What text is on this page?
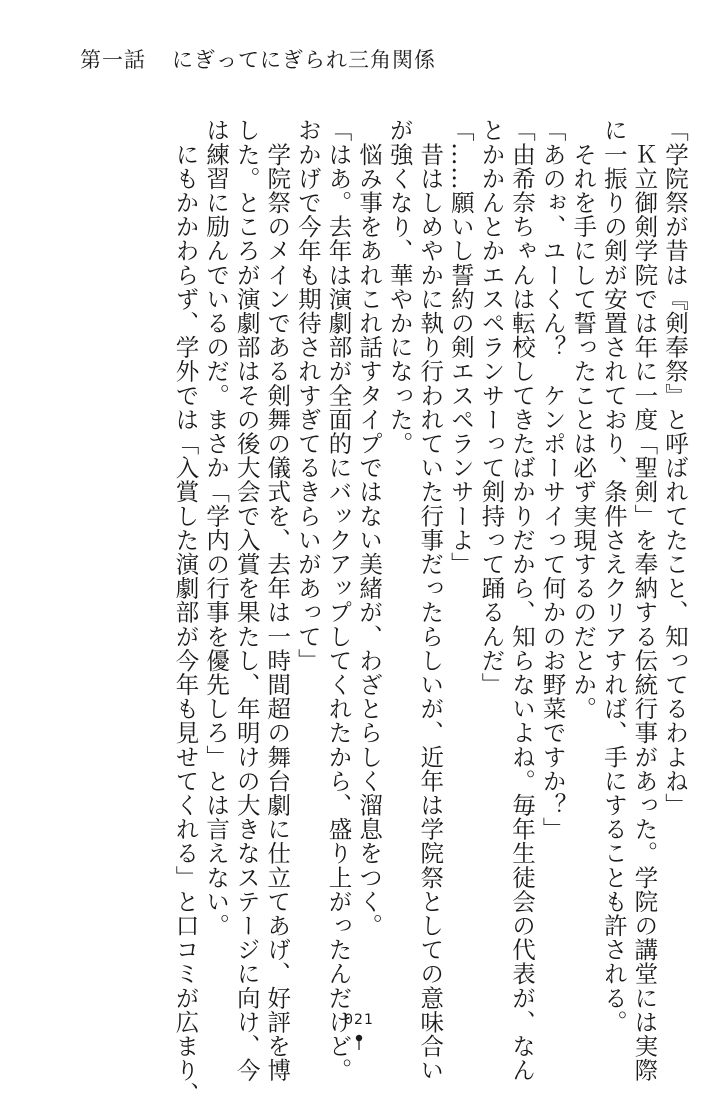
第一話 にぎってにぎられ三角関係

「学院祭が昔は『剣奉祭』と呼ばれてたこと、知ってるわよね」

　Ｋ立御剣学院では年に一度「聖剣」を奉納する伝統行事があった。学院の講堂には実際

に一振りの剣が安置されており、条件さえクリアすれば、手にすることも許される。

　それを手にして誓ったことは必ず実現するのだとか。

「あのぉ、ユーくん？　ケンポーサイって何かのお野菜ですか？」

「由希奈ちゃんは転校してきたばかりだから、知らないよね。毎年生徒会の代表が、なん

とかかんとかエスペランサーって剣持って踊るんだ」

「……願いし誓約の剣エスペランサーよ」

　昔はしめやかに執り行われていた行事だったらしいが、近年は学院祭としての意味合い

が強くなり、華やかになった。

　悩み事をあれこれ話すタイプではない美緒が、わざとらしく溜息をつく。

「はあ。去年は演劇部が全面的にバックアップしてくれたから、盛り上がったんだけど。

おかげで今年も期待されすぎてるきらいがあって」

　学院祭のメインである剣舞の儀式を、去年は一時間超の舞台劇に仕立てあげ、好評を博

した。ところが演劇部はその後大会で入賞を果たし、年明けの大きなステージに向け、今

は練習に励んでいるのだ。まさか「学内の行事を優先しろ」とは言えない。

　にもかかわらず、学外では「入賞した演劇部が今年も見せてくれる」と口コミが広まり、	021
